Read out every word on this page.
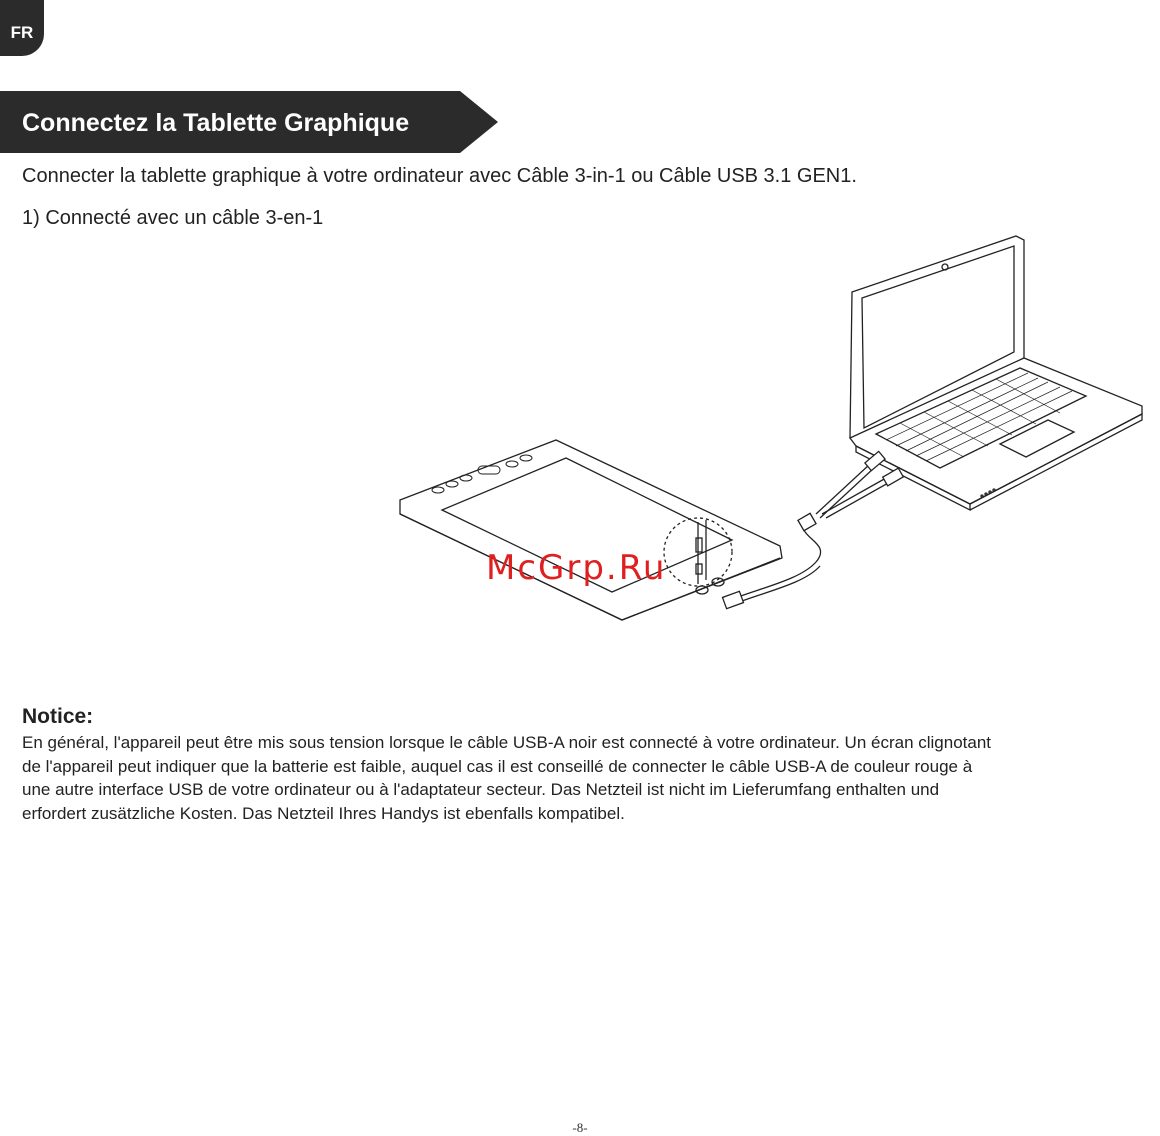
FR
Connectez la Tablette Graphique
Connecter la tablette graphique à votre ordinateur avec Câble 3-in-1 ou Câble USB 3.1 GEN1.
1) Connecté avec un câble 3-en-1
McGrp.Ru
Notice:
En général, l'appareil peut être mis sous tension lorsque le câble USB-A noir est connecté à votre ordinateur. Un écran clignotant
de l'appareil peut indiquer que la batterie est faible, auquel cas il est conseillé de connecter le câble USB-A de couleur rouge à
une autre interface USB de votre ordinateur ou à l'adaptateur secteur. Das Netzteil ist nicht im Lieferumfang enthalten und
erfordert zusätzliche Kosten. Das Netzteil Ihres Handys ist ebenfalls kompatibel.
-8-
